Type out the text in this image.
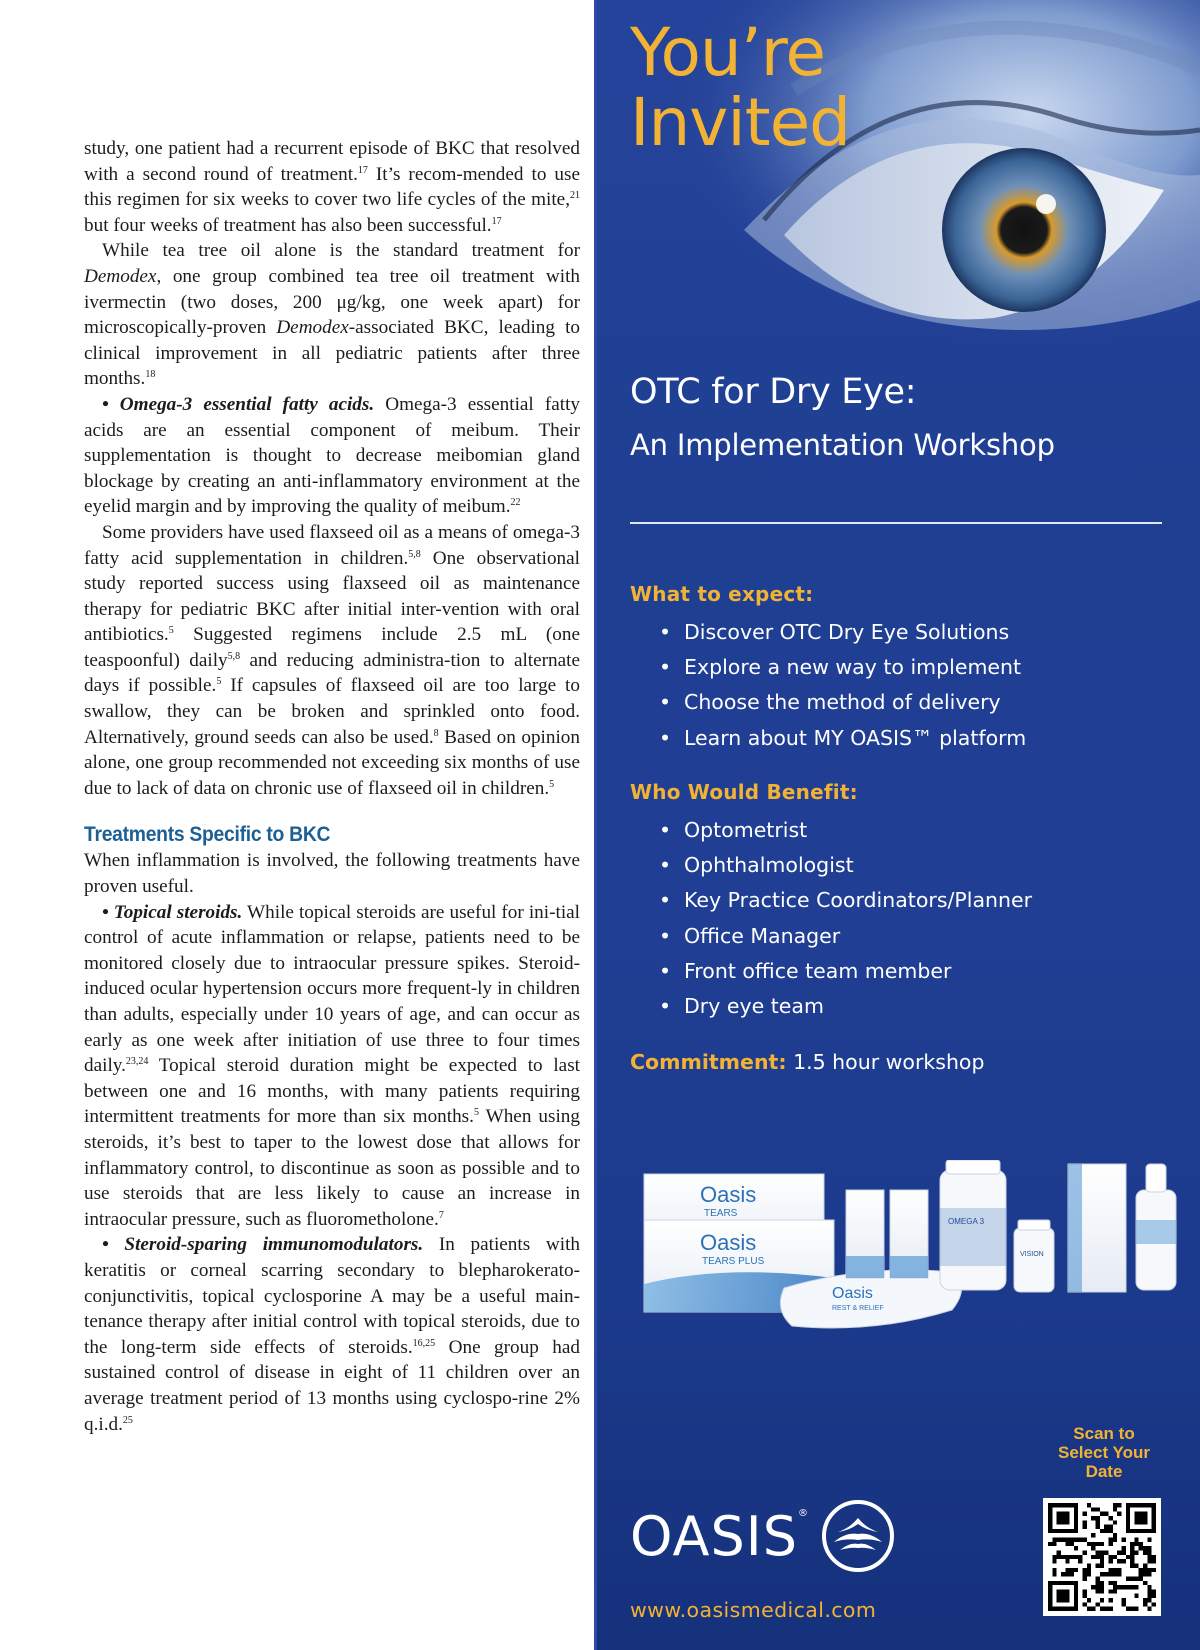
study, one patient had a recurrent episode of BKC that resolved with a second round of treatment.$^{17}$ It’s recom-mended to use this regimen for six weeks to cover two life cycles of the mite,$^{21}$ but four weeks of treatment has also been successful.$^{17}$

While tea tree oil alone is the standard treatment for Demodex, one group combined tea tree oil treatment with ivermectin (two doses, 200 μg/kg, one week apart) for microscopically-proven Demodex-associated BKC, leading to clinical improvement in all pediatric patients after three months.$^{18}$

• Omega-3 essential fatty acids. Omega-3 essential fatty acids are an essential component of meibum. Their supplementation is thought to decrease meibomian gland blockage by creating an anti-inflammatory environment at the eyelid margin and by improving the quality of meibum.$^{22}$

Some providers have used flaxseed oil as a means of omega-3 fatty acid supplementation in children.$^{5,8}$ One observational study reported success using flaxseed oil as maintenance therapy for pediatric BKC after initial inter-vention with oral antibiotics.$^5$ Suggested regimens include 2.5 mL (one teaspoonful) daily$^{5,8}$ and reducing administra-tion to alternate days if possible.$^5$ If capsules of flaxseed oil are too large to swallow, they can be broken and sprinkled onto food. Alternatively, ground seeds can also be used.$^8$ Based on opinion alone, one group recommended not exceeding six months of use due to lack of data on chronic use of flaxseed oil in children.$^5$

Treatments Specific to BKC

When inflammation is involved, the following treatments have proven useful.

• Topical steroids. While topical steroids are useful for ini-tial control of acute inflammation or relapse, patients need to be monitored closely due to intraocular pressure spikes. Steroid-induced ocular hypertension occurs more frequent-ly in children than adults, especially under 10 years of age, and can occur as early as one week after initiation of use three to four times daily.$^{23,24}$ Topical steroid duration might be expected to last between one and 16 months, with many patients requiring intermittent treatments for more than six months.$^5$ When using steroids, it’s best to taper to the lowest dose that allows for inflammatory control, to discontinue as soon as possible and to use steroids that are less likely to cause an increase in intraocular pressure, such as fluorometholone.$^7$

• Steroid-sparing immunomodulators. In patients with keratitis or corneal scarring secondary to blepharokerato-conjunctivitis, topical cyclosporine A may be a useful main-tenance therapy after initial control with topical steroids, due to the long-term side effects of steroids.$^{16,25}$ One group had sustained control of disease in eight of 11 children over an average treatment period of 13 months using cyclospo-rine 2% q.i.d.$^{25}$

You’re
Invited
OTC for Dry Eye:
An Implementation Workshop
What to expect:
• Discover OTC Dry Eye Solutions
• Explore a new way to implement
• Choose the method of delivery
• Learn about MY OASIS™ platform
Who Would Benefit:
• Optometrist
• Ophthalmologist
• Key Practice Coordinators/Planner
• Office Manager
• Front office team member
• Dry eye team
Commitment: 1.5 hour workshop
Oasis
TEARS
Oasis
TEARS PLUS
Oasis
REST & RELIEF
OMEGA 3
VISION
Scan to
Select Your
Date
OASIS ®
www.oasismedical.com
